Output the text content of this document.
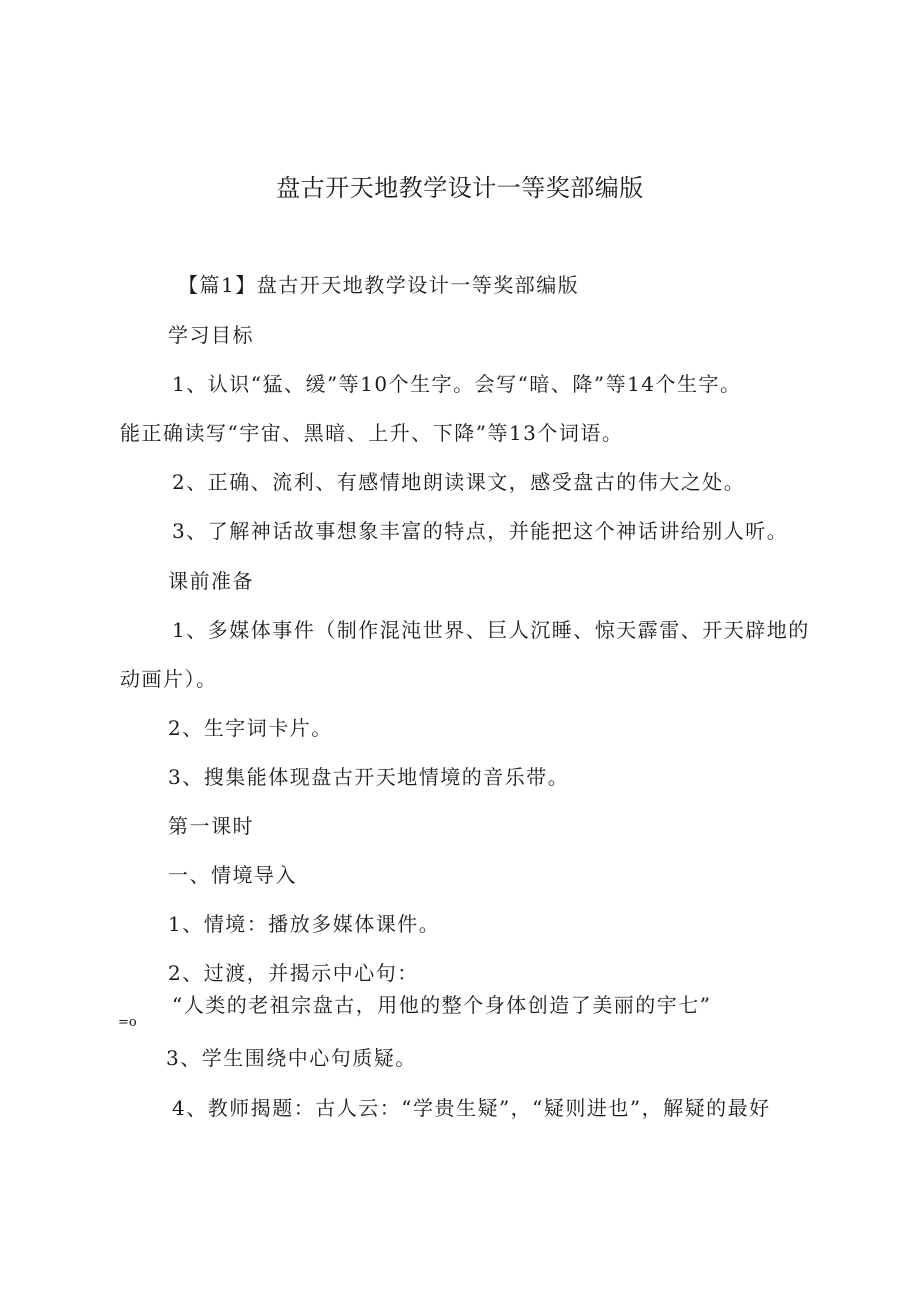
盘古开天地教学设计一等奖部编版
【篇1】盘古开天地教学设计一等奖部编版
学习目标
1、认识“猛、缓”等10个生字。会写“暗、降”等14个生字。
能正确读写“宇宙、黑暗、上升、下降”等13个词语。
2、正确、流利、有感情地朗读课文，感受盘古的伟大之处。
3、了解神话故事想象丰富的特点，并能把这个神话讲给别人听。
课前准备
1、多媒体事件（制作混沌世界、巨人沉睡、惊天霹雷、开天辟地的
动画片）。
2、生字词卡片。
3、搜集能体现盘古开天地情境的音乐带。
第一课时
一、情境导入
1、情境：播放多媒体课件。
2、过渡，并揭示中心句：
“人类的老祖宗盘古，用他的整个身体创造了美丽的宇七”
=o
3、学生围绕中心句质疑。
4、教师揭题：古人云：“学贵生疑”，“疑则进也”，解疑的最好
